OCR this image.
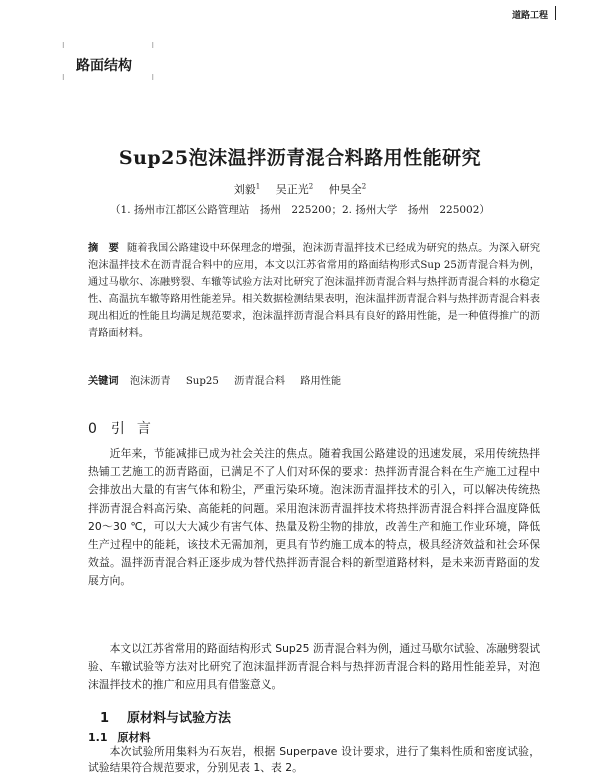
道路工程
⁝	⁝
⁝	⁝
路面结构
Sup25泡沫温拌沥青混合料路用性能研究
刘毅$^1$ 吴正光$^2$ 仲昊全$^2$
（1. 扬州市江都区公路管理站　扬州　225200；2. 扬州大学　扬州　225002）
摘　要 随着我国公路建设中环保理念的增强，泡沫沥青温拌技术已经成为研究的热点。为深入研究泡沫温拌技术在沥青混合料中的应用，本文以江苏省常用的路面结构形式Sup 25沥青混合料为例，通过马歇尔、冻融劈裂、车辙等试验方法对比研究了泡沫温拌沥青混合料与热拌沥青混合料的水稳定性、高温抗车辙等路用性能差异。相关数据检测结果表明，泡沫温拌沥青混合料与热拌沥青混合料表现出相近的性能且均满足规范要求，泡沫温拌沥青混合料具有良好的路用性能，是一种值得推广的沥青路面材料。
关键词 泡沫沥青 Sup25 沥青混合料 路用性能
0 引言

近年来，节能减排已成为社会关注的焦点。随着我国公路建设的迅速发展，采用传统热拌热铺工艺施工的沥青路面，已满足不了人们对环保的要求：热拌沥青混合料在生产施工过程中会排放出大量的有害气体和粉尘，严重污染环境。泡沫沥青温拌技术的引入，可以解决传统热拌沥青混合料高污染、高能耗的问题。采用泡沫沥青温拌技术将热拌沥青混合料拌合温度降低 20～30 ℃，可以大大减少有害气体、热量及粉尘物的排放，改善生产和施工作业环境，降低生产过程中的能耗，该技术无需加剂，更具有节约施工成本的特点，极具经济效益和社会环保效益。温拌沥青混合料正逐步成为替代热拌沥青混合料的新型道路材料，是未来沥青路面的发展方向。

本文以江苏省常用的路面结构形式 Sup25 沥青混合料为例，通过马歇尔试验、冻融劈裂试验、车辙试验等方法对比研究了泡沫温拌沥青混合料与热拌沥青混合料的路用性能差异，对泡沫温拌技术的推广和应用具有借鉴意义。

1 原材料与试验方法
1.1 原材料

本次试验所用集料为石灰岩，根据 Superpave 设计要求，进行了集料性质和密度试验，试验结果符合规范要求，分别见表 1、表 2。
